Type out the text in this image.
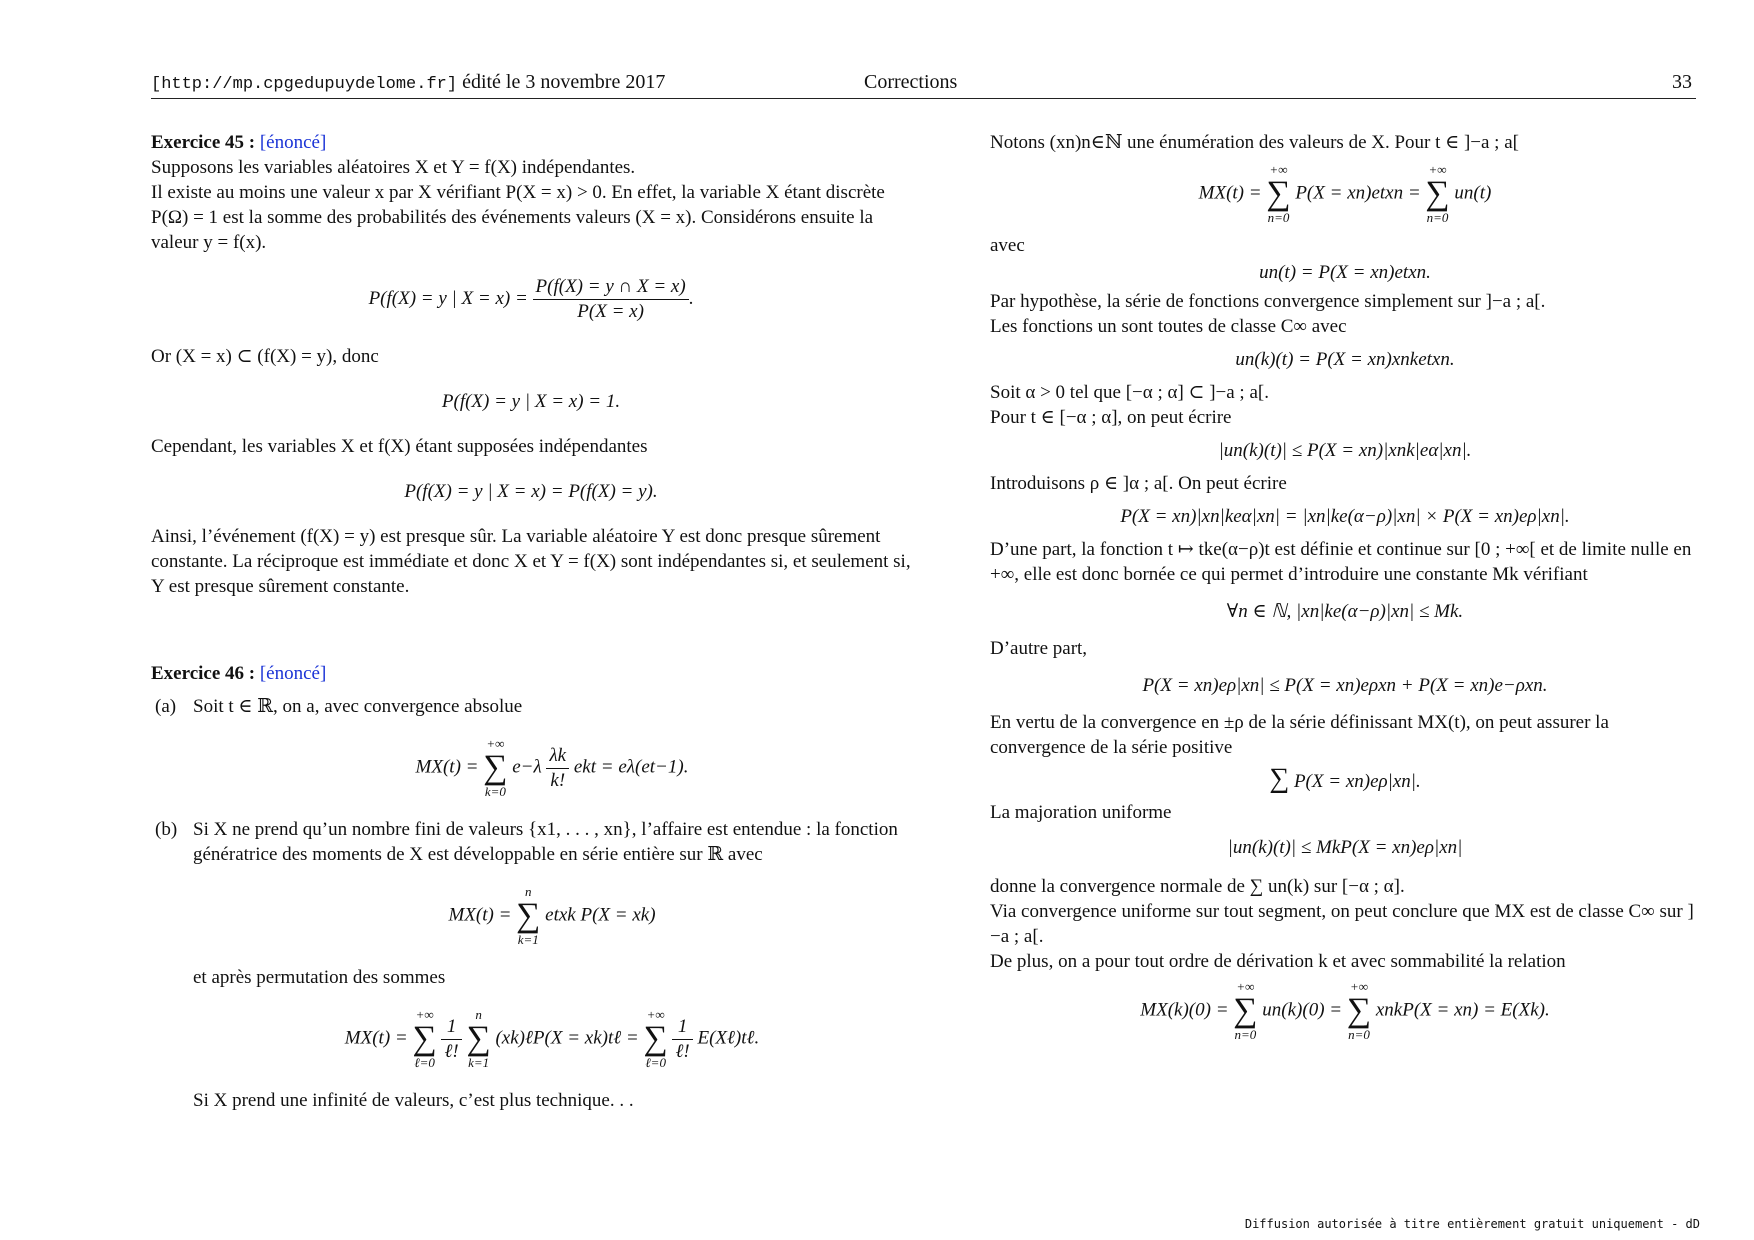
[http://mp.cpgedupuydelome.fr] édité le 3 novembre 2017	Corrections	33

Exercice 45 : [énoncé]

Supposons les variables aléatoires X et Y = f(X) indépendantes.

Il existe au moins une valeur x par X vérifiant P(X = x) > 0. En effet, la variable X étant discrète P(Ω) = 1 est la somme des probabilités des événements valeurs (X = x). Considérons ensuite la valeur y = f(x).

P(f(X) = y | $X = x) = \frac{P(f(X) = y \cap X = x)}{P(X = x)}$ .

Or (X = x) ⊂ (f(X) = y), donc

P(f(X) = y | X = x) = 1.

Cependant, les variables X et f(X) étant supposées indépendantes

P(f(X) = y | X = x) = P(f(X) = y).

Ainsi, l’événement (f(X) = y) est presque sûr. La variable aléatoire Y est donc presque sûrement constante. La réciproque est immédiate et donc X et Y = f(X) sont indépendantes si, et seulement si, Y est presque sûrement constante.

Exercice 46 : [énoncé]

(a) Soit t ∈ ℝ, on a, avec convergence absolue

MX(t) =
+∞
∑
k=0
$e-\lambda \frac{\lambda k}{k!}$ ekt = eλ(et−1).
(b) Si X ne prend qu’un nombre fini de valeurs {x1, . . . , xn}, l’affaire est entendue : la fonction génératrice des moments de X est développable en série entière sur ℝ avec

MX(t) =
n
∑
k=1
etxk P(X = xk)

et après permutation des sommes

MX(t) =
+∞
∑
ℓ=0
$\frac{1}{\text{ℓ!}}$
	n
∑
k=1
(xk)ℓP(X = xk)tℓ =
+∞
∑
ℓ=0
$\frac{1}{\text{ℓ!}}$ E(Xℓ)tℓ.

Si X prend une infinité de valeurs, c’est plus technique. . .

Notons (xn)n∈ℕ une énumération des valeurs de X. Pour t ∈ ]−a ; a[

MX(t) =
+∞
∑
n=0
P(X = xn)etxn =
+∞
∑
n=0
un(t)

avec

un(t) = P(X = xn)etxn.

Par hypothèse, la série de fonctions convergence simplement sur ]−a ; a[.

Les fonctions un sont toutes de classe C∞ avec

un(k)(t) = P(X = xn)xnketxn.

Soit α > 0 tel que [−α ; α] ⊂ ]−a ; a[.

Pour t ∈ [−α ; α], on peut écrire

|un(k)(t)| ≤ P(X = xn)|xnk|eα|xn|.

Introduisons ρ ∈ ]α ; a[. On peut écrire

P(X = xn)|xn|keα|xn| = |xn|ke(α−ρ)|xn| × P(X = xn)eρ|xn|.

D’une part, la fonction t ↦ tke(α−ρ)t est définie et continue sur [0 ; +∞[ et de limite nulle en +∞, elle est donc bornée ce qui permet d’introduire une constante Mk vérifiant

∀n ∈ ℕ, |xn|ke(α−ρ)|xn| ≤ Mk.

D’autre part,

P(X = xn)eρ|xn| ≤ P(X = xn)eρxn + P(X = xn)e−ρxn.

En vertu de la convergence en ±ρ de la série définissant MX(t), on peut assurer la convergence de la série positive

∑ P(X = xn)eρ|xn|.

La majoration uniforme

|un(k)(t)| ≤ MkP(X = xn)eρ|xn|

donne la convergence normale de ∑ un(k) sur [−α ; α].

Via convergence uniforme sur tout segment, on peut conclure que MX est de classe C∞ sur ]−a ; a[.

De plus, on a pour tout ordre de dérivation k et avec sommabilité la relation

MX(k)(0) =
+∞
∑
n=0
un(k)(0) =
+∞
∑
n=0
xnkP(X = xn) = E(Xk).
Diffusion autorisée à titre entièrement gratuit uniquement - dD
